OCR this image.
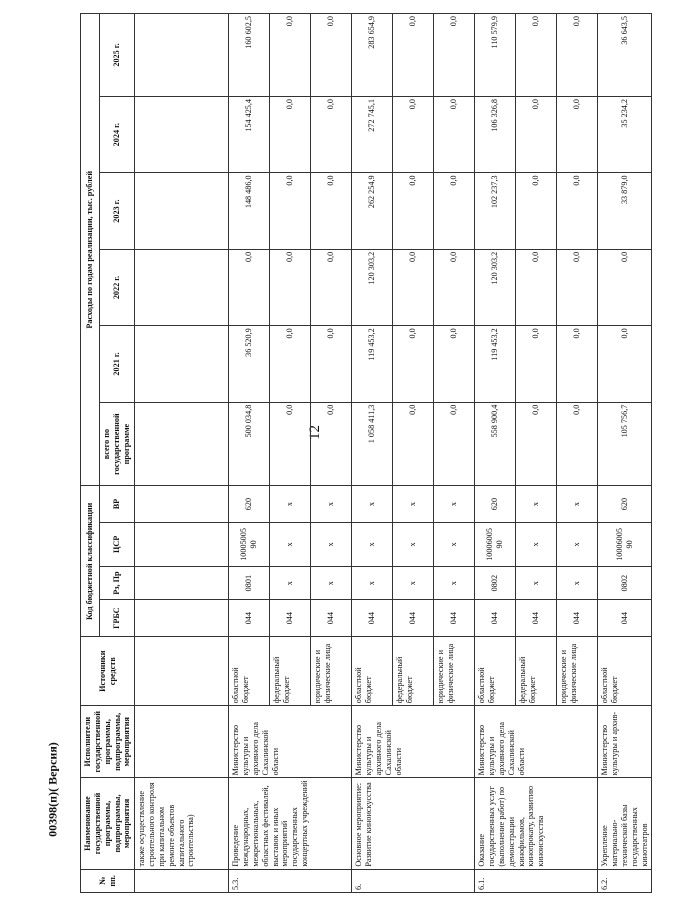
12
№ пп.	Наименование государственной программы, подпрограммы, мероприятия	Исполнители государственной программы, подпрограммы, мероприятия	Источники средств	Код бюджетной классификации				Расходы по годам реализации, тыс. рублей					
				ГРБС	Рз, Пр	ЦСР	ВР	всего по государственной программе	2021 г.	2022 г.	2023 г.	2024 г.	2025 г.

	также осуществление строительного контроля при капитальном ремонте объектов капитального строительства)												
5.3.	Проведение международных, межрегиональных, областных фестивалей, выставок и иных мероприятий государственных концертных учреждений	Министерство культуры и архивного дела Сахалинской области	областной бюджет	044	0801	10005005 90	620	500 034,8	36 520,9	0,0	148 486,0	154 425,4	160 602,5
			федеральный бюджет	044	х	х	х	0,0	0,0	0,0	0,0	0,0	0,0
			юридические и физические лица	044	х	х	х	0,0	0,0	0,0	0,0	0,0	0,0
6.	Основное мероприятие: Развитие киноискусства	Министерство культуры и архивного дела Сахалинской области	областной бюджет	044	х	х	х	1 058 411,3	119 453,2	120 303,2	262 254,9	272 745,1	283 654,9
			федеральный бюджет	044	х	х	х	0,0	0,0	0,0	0,0	0,0	0,0
			юридические и физические лица	044	х	х	х	0,0	0,0	0,0	0,0	0,0	0,0
6.1.	Оказание государственных услуг (выполнение работ) по демонстрации кинофильмов, кинопрокату, развитию киноискусства	Министерство культуры и архивного дела Сахалинской области	областной бюджет	044	0802	10006005 90	620	558 900,4	119 453,2	120 303,2	102 237,3	106 326,8	110 579,9
			федеральный бюджет	044	х	х	х	0,0	0,0	0,0	0,0	0,0	0,0
			юридические и физические лица	044	х	х	х	0,0	0,0	0,0	0,0	0,0	0,0
6.2.	Укрепление материально-технической базы государственных кинотеатров	Министерство культуры и архив-	областной бюджет	044	0802	10006005 90	620	105 756,7	0,0	0,0	33 879,0	35 234,2	36 643,5
00398(п)( Версия)
